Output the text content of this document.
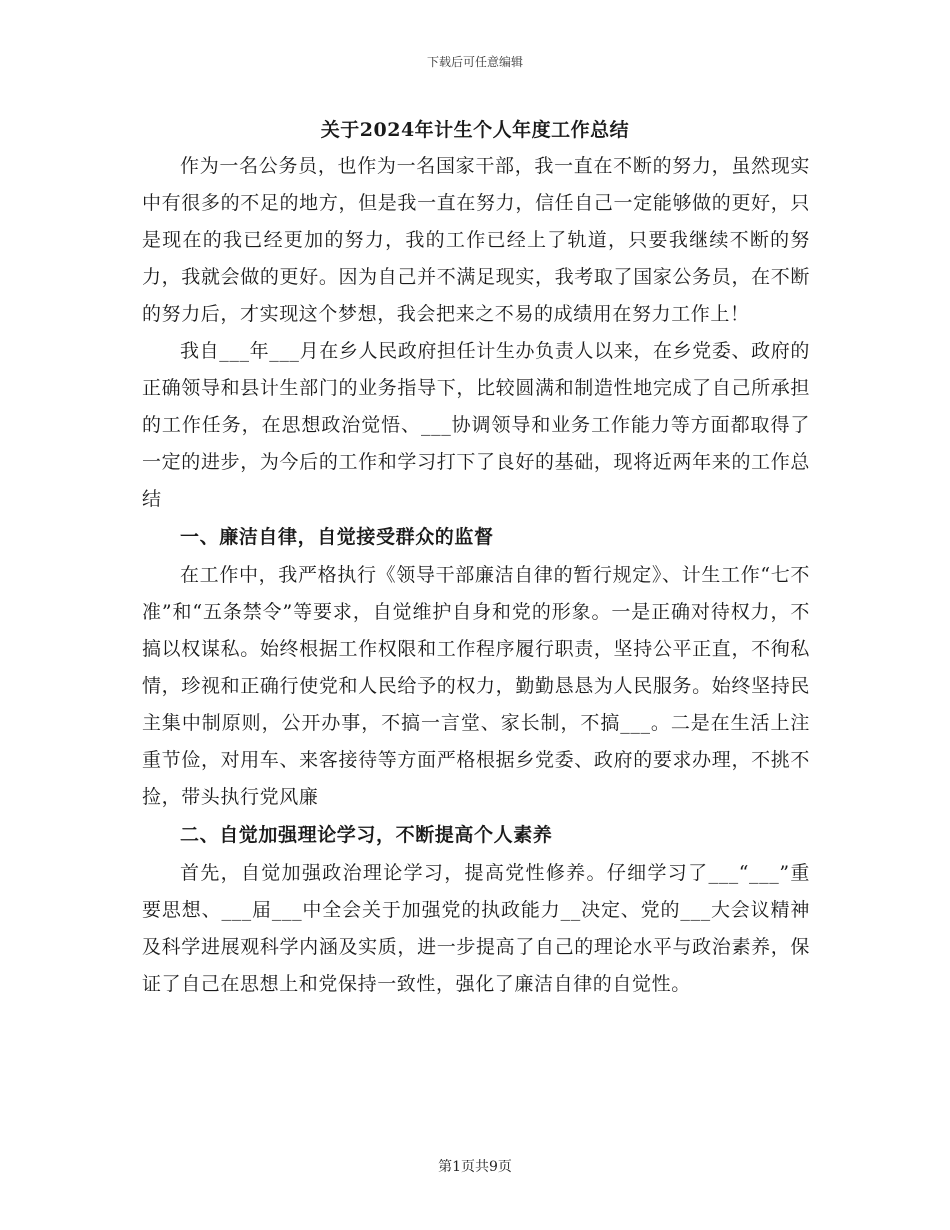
下载后可任意编辑
关于2024年计生个人年度工作总结

作为一名公务员，也作为一名国家干部，我一直在不断的努力，虽然现实中有很多的不足的地方，但是我一直在努力，信任自己一定能够做的更好，只是现在的我已经更加的努力，我的工作已经上了轨道，只要我继续不断的努力，我就会做的更好。因为自己并不满足现实，我考取了国家公务员，在不断的努力后，才实现这个梦想，我会把来之不易的成绩用在努力工作上！

我自___年___月在乡人民政府担任计生办负责人以来，在乡党委、政府的正确领导和县计生部门的业务指导下，比较圆满和制造性地完成了自己所承担的工作任务，在思想政治觉悟、___协调领导和业务工作能力等方面都取得了一定的进步，为今后的工作和学习打下了良好的基础，现将近两年来的工作总结

一、廉洁自律，自觉接受群众的监督

在工作中，我严格执行《领导干部廉洁自律的暂行规定》、计生工作“七不准”和“五条禁令”等要求，自觉维护自身和党的形象。一是正确对待权力，不搞以权谋私。始终根据工作权限和工作程序履行职责，坚持公平正直，不徇私情，珍视和正确行使党和人民给予的权力，勤勤恳恳为人民服务。始终坚持民主集中制原则，公开办事，不搞一言堂、家长制，不搞___。二是在生活上注重节俭，对用车、来客接待等方面严格根据乡党委、政府的要求办理，不挑不捡，带头执行党风廉

二、自觉加强理论学习，不断提高个人素养

首先，自觉加强政治理论学习，提高党性修养。仔细学习了___“___”重要思想、___届___中全会关于加强党的执政能力__决定、党的___大会议精神及科学进展观科学内涵及实质，进一步提高了自己的理论水平与政治素养，保证了自己在思想上和党保持一致性，强化了廉洁自律的自觉性。

第1页共9页
